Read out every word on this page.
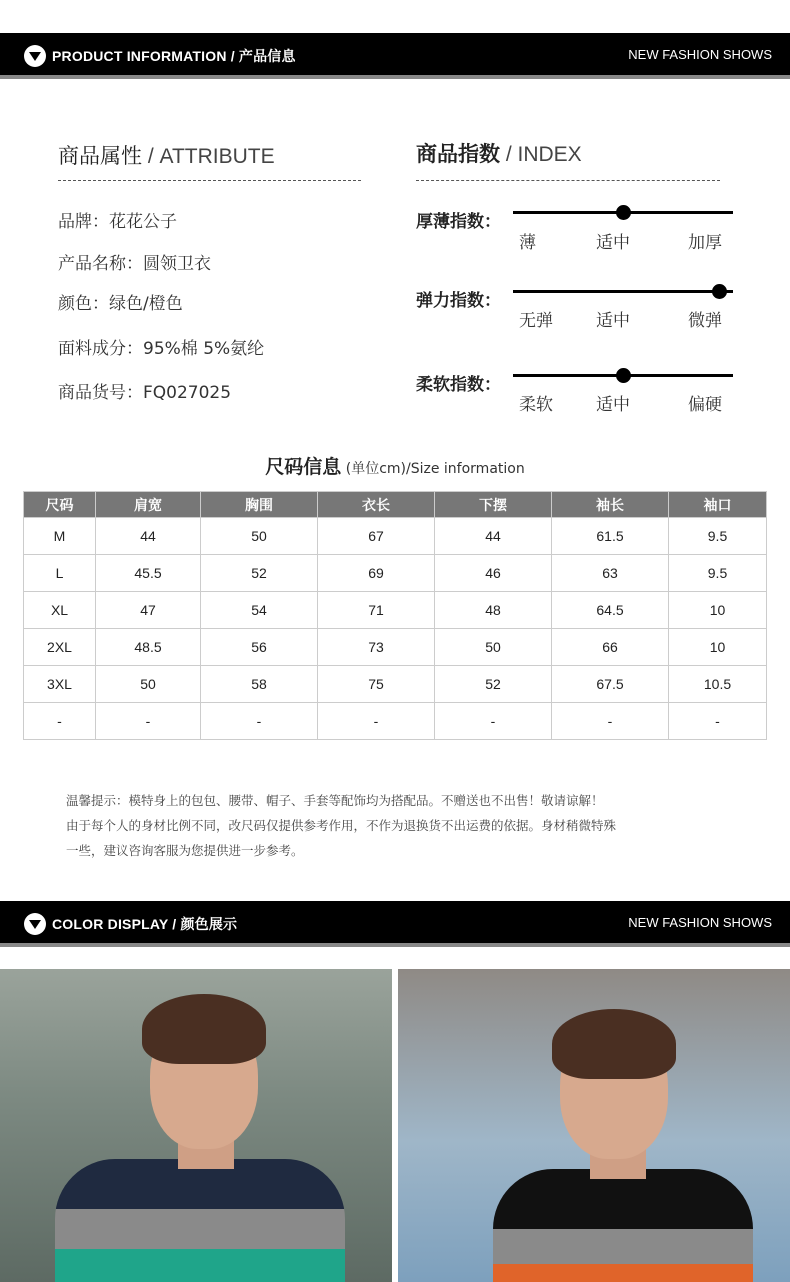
PRODUCT INFORMATION / 产品信息	NEW FASHION SHOWS
商品属性 / ATTRIBUTE
品牌：花花公子
产品名称：圆领卫衣
颜色：绿色/橙色
面料成分：95%棉 5%氨纶
商品货号：FQ027025
商品指数 / INDEX
厚薄指数：
薄	适中	加厚
弹力指数：
无弹	适中	微弹
柔软指数：
柔软	适中	偏硬
尺码信息 (单位cm)/Size information
尺码	肩宽	胸围	衣长	下摆	袖长	袖口
M	44	50	67	44	61.5	9.5
L	45.5	52	69	46	63	9.5
XL	47	54	71	48	64.5	10
2XL	48.5	56	73	50	66	10
3XL	50	58	75	52	67.5	10.5
-	-	-	-	-	-	-
温馨提示：模特身上的包包、腰带、帽子、手套等配饰均为搭配品。不赠送也不出售！敬请谅解！
由于每个人的身材比例不同，改尺码仅提供参考作用，不作为退换货不出运费的依据。身材稍微特殊
一些，建议咨询客服为您提供进一步参考。
COLOR DISPLAY / 颜色展示	NEW FASHION SHOWS
